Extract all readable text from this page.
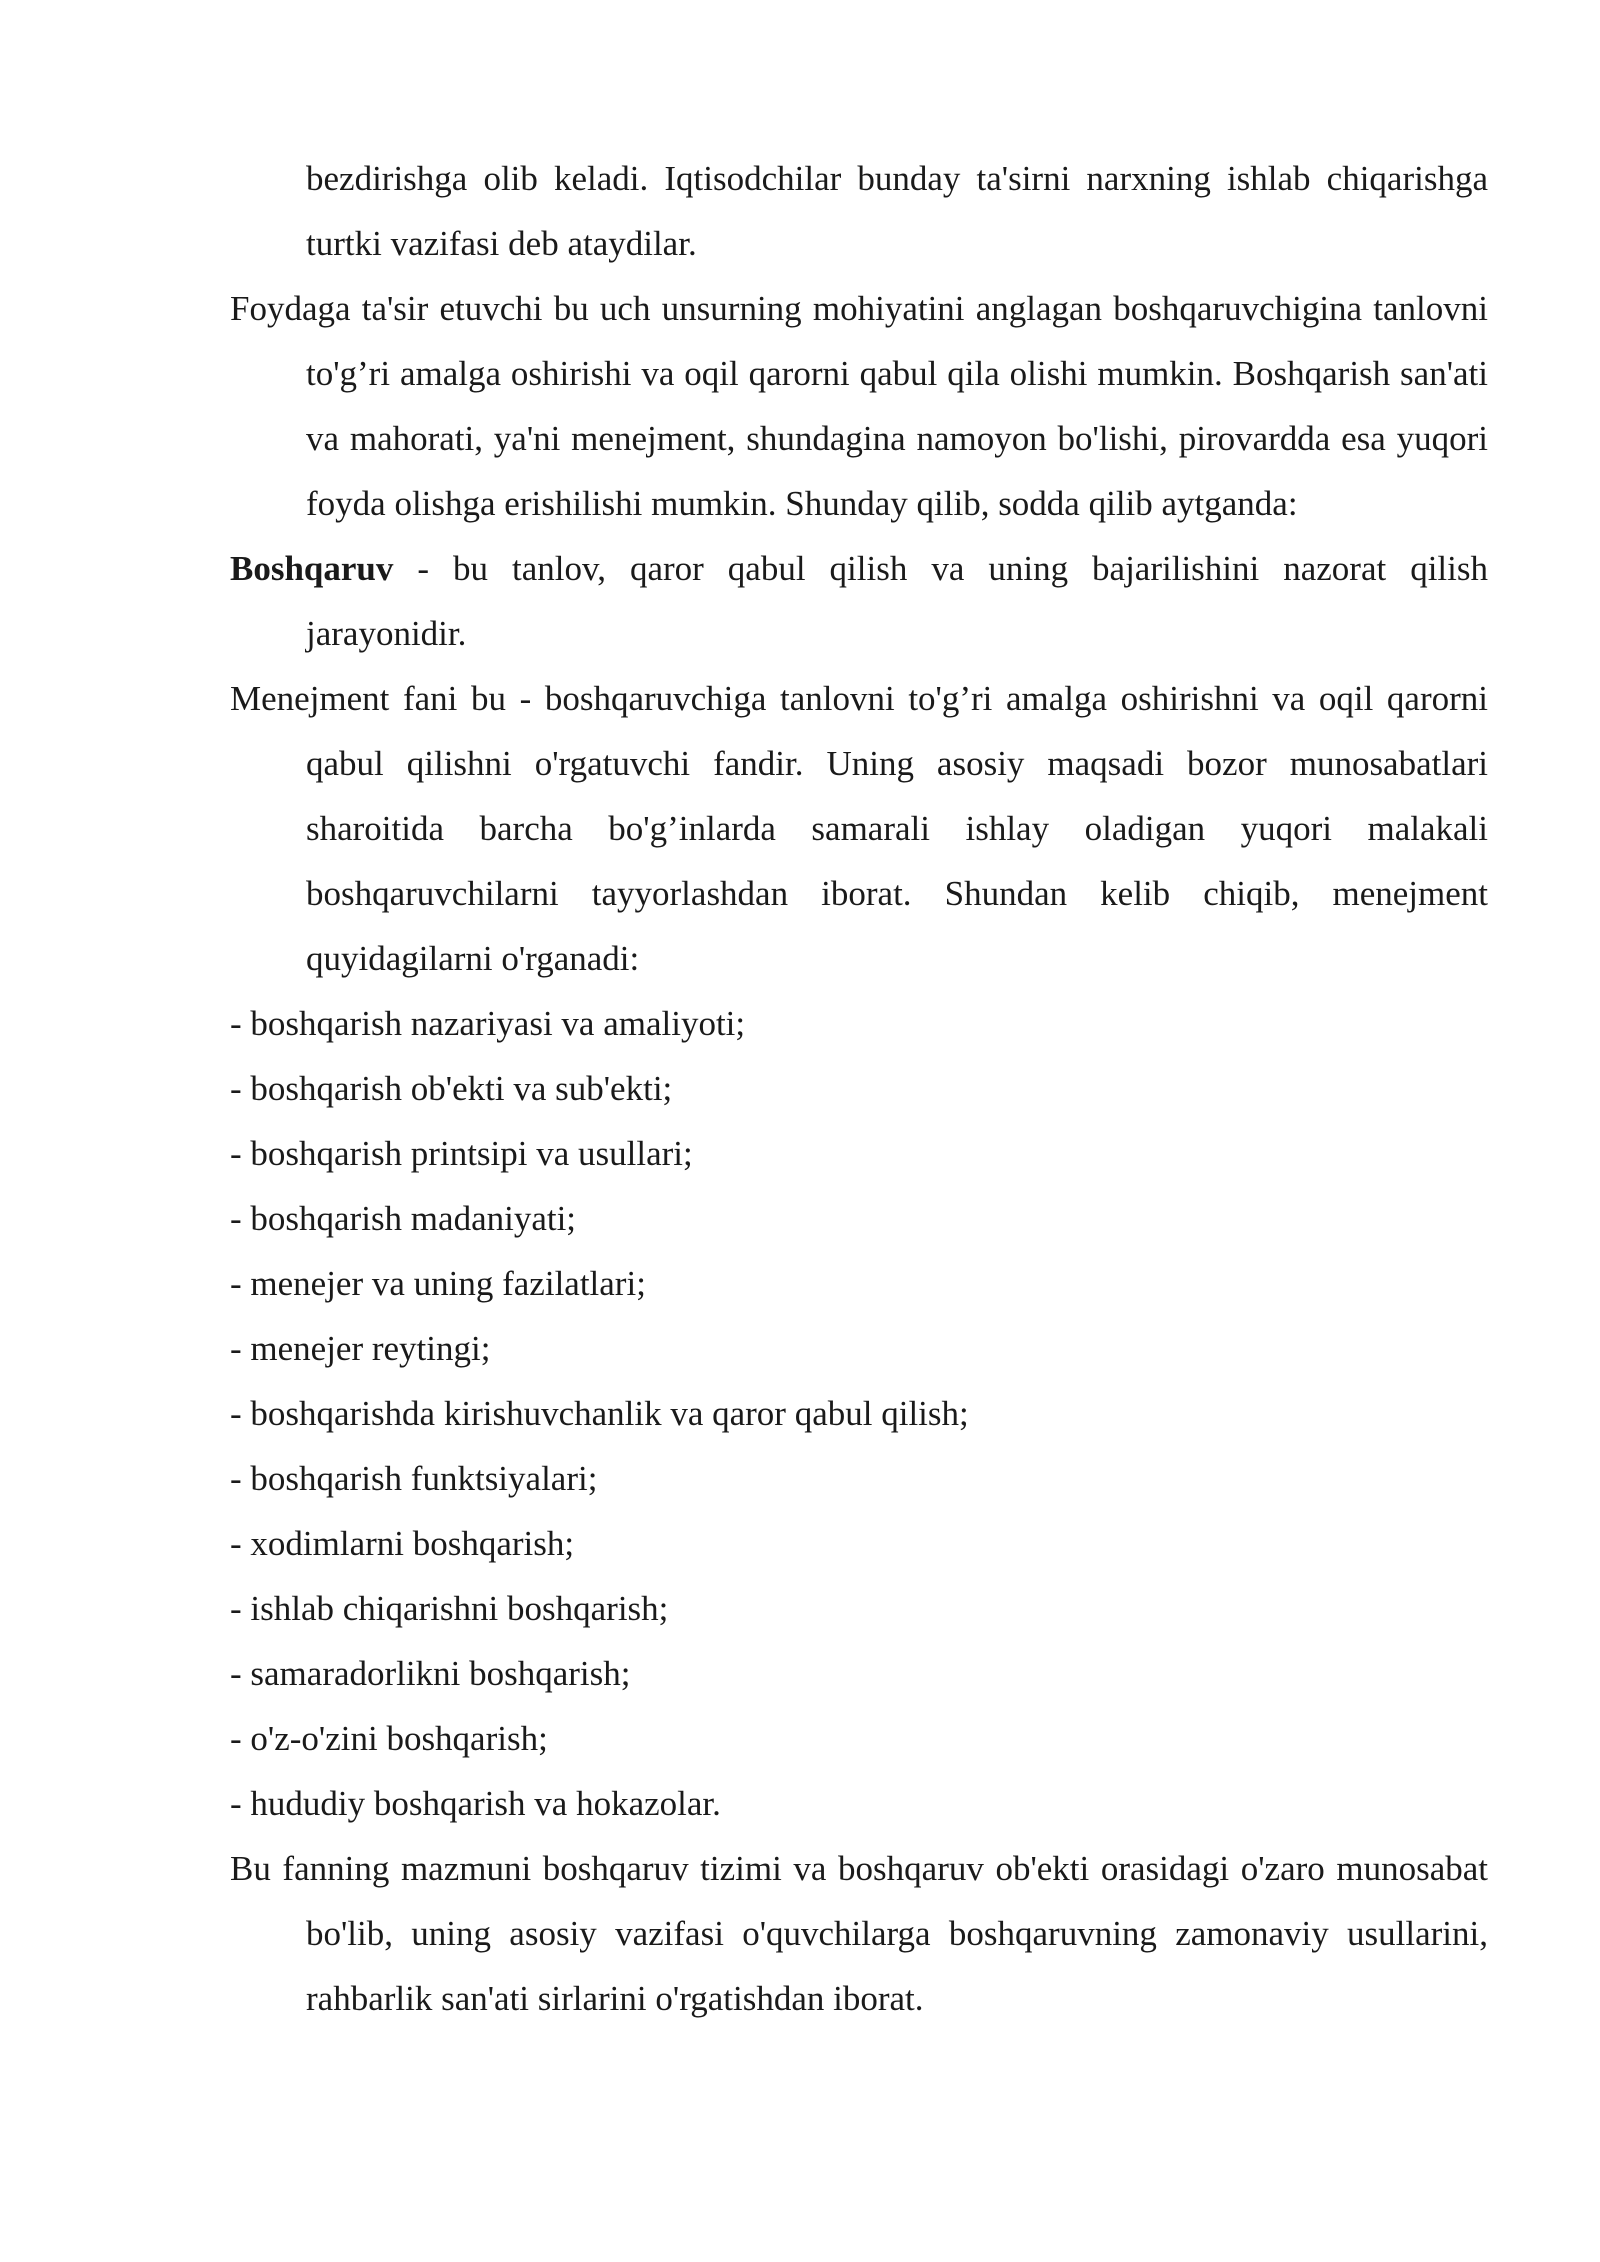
bezdirishga olib keladi. Iqtisodchilar bunday ta'sirni narxning ishlab chiqarishga turtki vazifasi deb ataydilar.

Foydaga ta'sir etuvchi bu uch unsurning mohiyatini anglagan boshqaruvchigina tanlovni to'g’ri amalga oshirishi va oqil qarorni qabul qila olishi mumkin. Boshqarish san'ati va mahorati, ya'ni menejment, shundagina namoyon bo'lishi, pirovardda esa yuqori foyda olishga erishilishi mumkin. Shunday qilib, sodda qilib aytganda:

Boshqaruv - bu tanlov, qaror qabul qilish va uning bajarilishini nazorat qilish jarayonidir.

Menejment fani bu - boshqaruvchiga tanlovni to'g’ri amalga oshirishni va oqil qarorni qabul qilishni o'rgatuvchi fandir. Uning asosiy maqsadi bozor munosabatlari sharoitida barcha bo'g’inlarda samarali ishlay oladigan yuqori malakali boshqaruvchilarni tayyorlashdan iborat. Shundan kelib chiqib, menejment quyidagilarni o'rganadi:

- boshqarish nazariyasi va amaliyoti;
- boshqarish ob'ekti va sub'ekti;
- boshqarish printsipi va usullari;
- boshqarish madaniyati;
- menejer va uning fazilatlari;
- menejer reytingi;
- boshqarishda kirishuvchanlik va qaror qabul qilish;
- boshqarish funktsiyalari;
- xodimlarni boshqarish;
- ishlab chiqarishni boshqarish;
- samaradorlikni boshqarish;
- o'z-o'zini boshqarish;
- hududiy boshqarish va hokazolar.

Bu fanning mazmuni boshqaruv tizimi va boshqaruv ob'ekti orasidagi o'zaro munosabat bo'lib, uning asosiy vazifasi o'quvchilarga boshqaruvning zamonaviy usullarini, rahbarlik san'ati sirlarini o'rgatishdan iborat.
